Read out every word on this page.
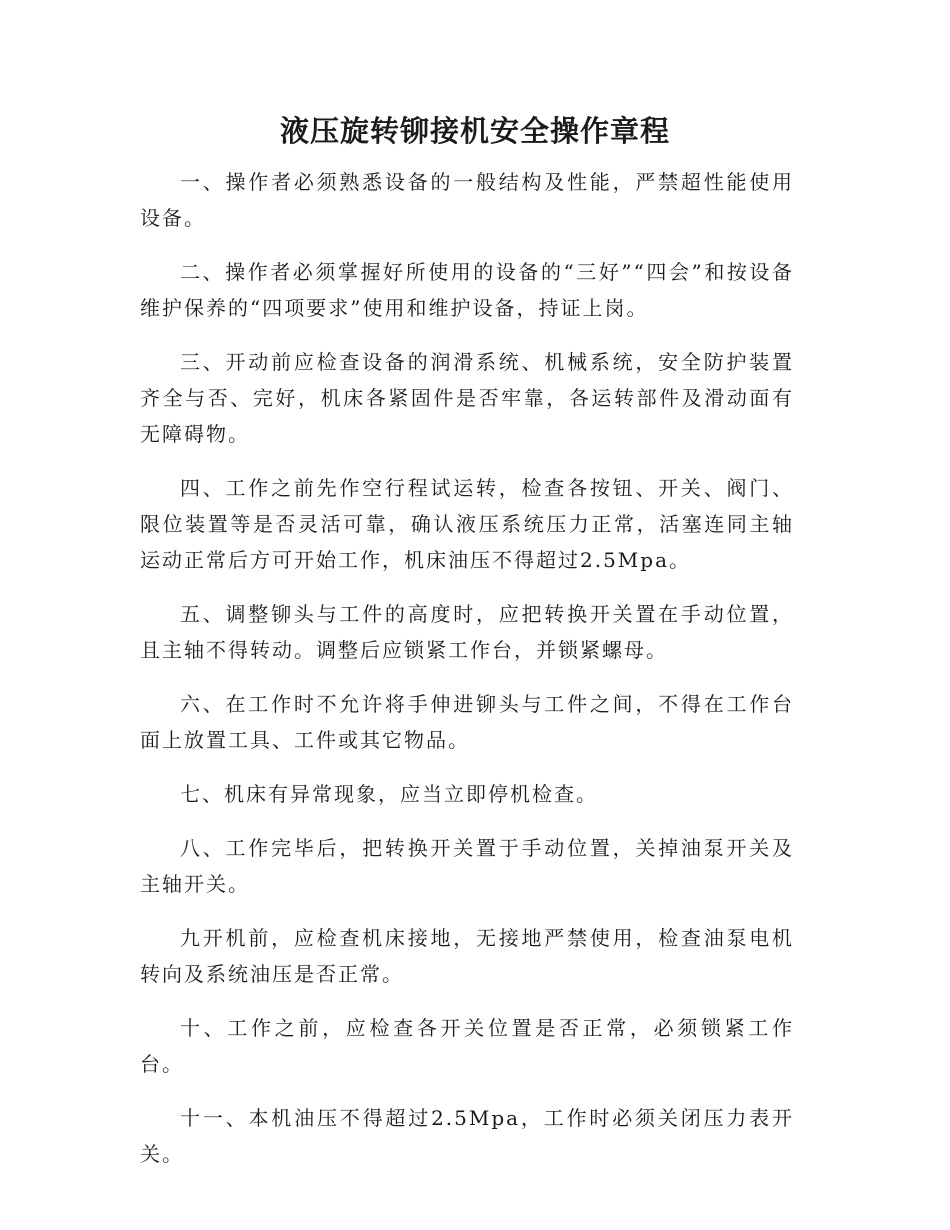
液压旋转铆接机安全操作章程

一、操作者必须熟悉设备的一般结构及性能，严禁超性能使用设备。

二、操作者必须掌握好所使用的设备的“三好”“四会”和按设备维护保养的“四项要求”使用和维护设备，持证上岗。

三、开动前应检查设备的润滑系统、机械系统，安全防护装置齐全与否、完好，机床各紧固件是否牢靠，各运转部件及滑动面有无障碍物。

四、工作之前先作空行程试运转，检查各按钮、开关、阀门、限位装置等是否灵活可靠，确认液压系统压力正常，活塞连同主轴运动正常后方可开始工作，机床油压不得超过2.5Mpa。

五、调整铆头与工件的高度时，应把转换开关置在手动位置，且主轴不得转动。调整后应锁紧工作台，并锁紧螺母。

六、在工作时不允许将手伸进铆头与工件之间，不得在工作台面上放置工具、工件或其它物品。

七、机床有异常现象，应当立即停机检查。

八、工作完毕后，把转换开关置于手动位置，关掉油泵开关及主轴开关。

九开机前，应检查机床接地，无接地严禁使用，检查油泵电机转向及系统油压是否正常。

十、工作之前，应检查各开关位置是否正常，必须锁紧工作台。

十一、本机油压不得超过2.5Mpa，工作时必须关闭压力表开关。
